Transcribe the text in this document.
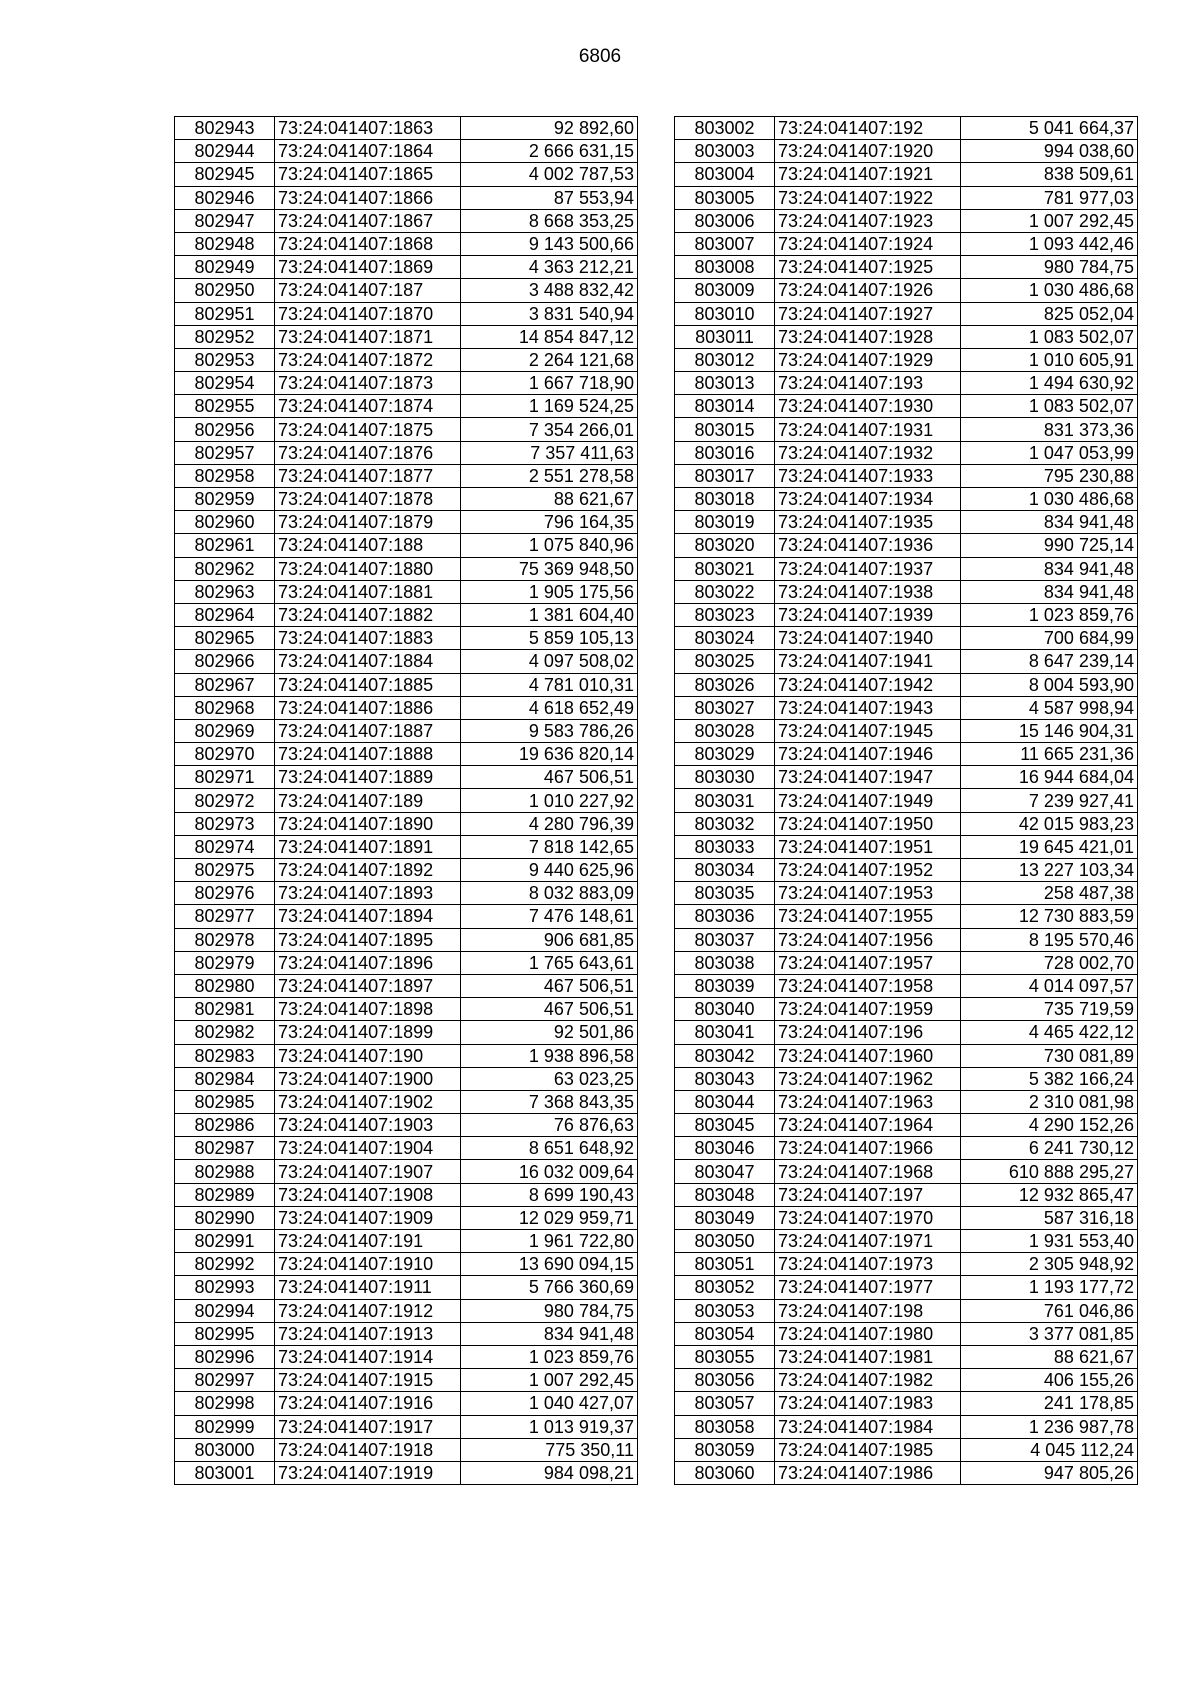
6806
802943	73:24:041407:1863	92 892,60
802944	73:24:041407:1864	2 666 631,15
802945	73:24:041407:1865	4 002 787,53
802946	73:24:041407:1866	87 553,94
802947	73:24:041407:1867	8 668 353,25
802948	73:24:041407:1868	9 143 500,66
802949	73:24:041407:1869	4 363 212,21
802950	73:24:041407:187	3 488 832,42
802951	73:24:041407:1870	3 831 540,94
802952	73:24:041407:1871	14 854 847,12
802953	73:24:041407:1872	2 264 121,68
802954	73:24:041407:1873	1 667 718,90
802955	73:24:041407:1874	1 169 524,25
802956	73:24:041407:1875	7 354 266,01
802957	73:24:041407:1876	7 357 411,63
802958	73:24:041407:1877	2 551 278,58
802959	73:24:041407:1878	88 621,67
802960	73:24:041407:1879	796 164,35
802961	73:24:041407:188	1 075 840,96
802962	73:24:041407:1880	75 369 948,50
802963	73:24:041407:1881	1 905 175,56
802964	73:24:041407:1882	1 381 604,40
802965	73:24:041407:1883	5 859 105,13
802966	73:24:041407:1884	4 097 508,02
802967	73:24:041407:1885	4 781 010,31
802968	73:24:041407:1886	4 618 652,49
802969	73:24:041407:1887	9 583 786,26
802970	73:24:041407:1888	19 636 820,14
802971	73:24:041407:1889	467 506,51
802972	73:24:041407:189	1 010 227,92
802973	73:24:041407:1890	4 280 796,39
802974	73:24:041407:1891	7 818 142,65
802975	73:24:041407:1892	9 440 625,96
802976	73:24:041407:1893	8 032 883,09
802977	73:24:041407:1894	7 476 148,61
802978	73:24:041407:1895	906 681,85
802979	73:24:041407:1896	1 765 643,61
802980	73:24:041407:1897	467 506,51
802981	73:24:041407:1898	467 506,51
802982	73:24:041407:1899	92 501,86
802983	73:24:041407:190	1 938 896,58
802984	73:24:041407:1900	63 023,25
802985	73:24:041407:1902	7 368 843,35
802986	73:24:041407:1903	76 876,63
802987	73:24:041407:1904	8 651 648,92
802988	73:24:041407:1907	16 032 009,64
802989	73:24:041407:1908	8 699 190,43
802990	73:24:041407:1909	12 029 959,71
802991	73:24:041407:191	1 961 722,80
802992	73:24:041407:1910	13 690 094,15
802993	73:24:041407:1911	5 766 360,69
802994	73:24:041407:1912	980 784,75
802995	73:24:041407:1913	834 941,48
802996	73:24:041407:1914	1 023 859,76
802997	73:24:041407:1915	1 007 292,45
802998	73:24:041407:1916	1 040 427,07
802999	73:24:041407:1917	1 013 919,37
803000	73:24:041407:1918	775 350,11
803001	73:24:041407:1919	984 098,21
803002	73:24:041407:192	5 041 664,37
803003	73:24:041407:1920	994 038,60
803004	73:24:041407:1921	838 509,61
803005	73:24:041407:1922	781 977,03
803006	73:24:041407:1923	1 007 292,45
803007	73:24:041407:1924	1 093 442,46
803008	73:24:041407:1925	980 784,75
803009	73:24:041407:1926	1 030 486,68
803010	73:24:041407:1927	825 052,04
803011	73:24:041407:1928	1 083 502,07
803012	73:24:041407:1929	1 010 605,91
803013	73:24:041407:193	1 494 630,92
803014	73:24:041407:1930	1 083 502,07
803015	73:24:041407:1931	831 373,36
803016	73:24:041407:1932	1 047 053,99
803017	73:24:041407:1933	795 230,88
803018	73:24:041407:1934	1 030 486,68
803019	73:24:041407:1935	834 941,48
803020	73:24:041407:1936	990 725,14
803021	73:24:041407:1937	834 941,48
803022	73:24:041407:1938	834 941,48
803023	73:24:041407:1939	1 023 859,76
803024	73:24:041407:1940	700 684,99
803025	73:24:041407:1941	8 647 239,14
803026	73:24:041407:1942	8 004 593,90
803027	73:24:041407:1943	4 587 998,94
803028	73:24:041407:1945	15 146 904,31
803029	73:24:041407:1946	11 665 231,36
803030	73:24:041407:1947	16 944 684,04
803031	73:24:041407:1949	7 239 927,41
803032	73:24:041407:1950	42 015 983,23
803033	73:24:041407:1951	19 645 421,01
803034	73:24:041407:1952	13 227 103,34
803035	73:24:041407:1953	258 487,38
803036	73:24:041407:1955	12 730 883,59
803037	73:24:041407:1956	8 195 570,46
803038	73:24:041407:1957	728 002,70
803039	73:24:041407:1958	4 014 097,57
803040	73:24:041407:1959	735 719,59
803041	73:24:041407:196	4 465 422,12
803042	73:24:041407:1960	730 081,89
803043	73:24:041407:1962	5 382 166,24
803044	73:24:041407:1963	2 310 081,98
803045	73:24:041407:1964	4 290 152,26
803046	73:24:041407:1966	6 241 730,12
803047	73:24:041407:1968	610 888 295,27
803048	73:24:041407:197	12 932 865,47
803049	73:24:041407:1970	587 316,18
803050	73:24:041407:1971	1 931 553,40
803051	73:24:041407:1973	2 305 948,92
803052	73:24:041407:1977	1 193 177,72
803053	73:24:041407:198	761 046,86
803054	73:24:041407:1980	3 377 081,85
803055	73:24:041407:1981	88 621,67
803056	73:24:041407:1982	406 155,26
803057	73:24:041407:1983	241 178,85
803058	73:24:041407:1984	1 236 987,78
803059	73:24:041407:1985	4 045 112,24
803060	73:24:041407:1986	947 805,26
